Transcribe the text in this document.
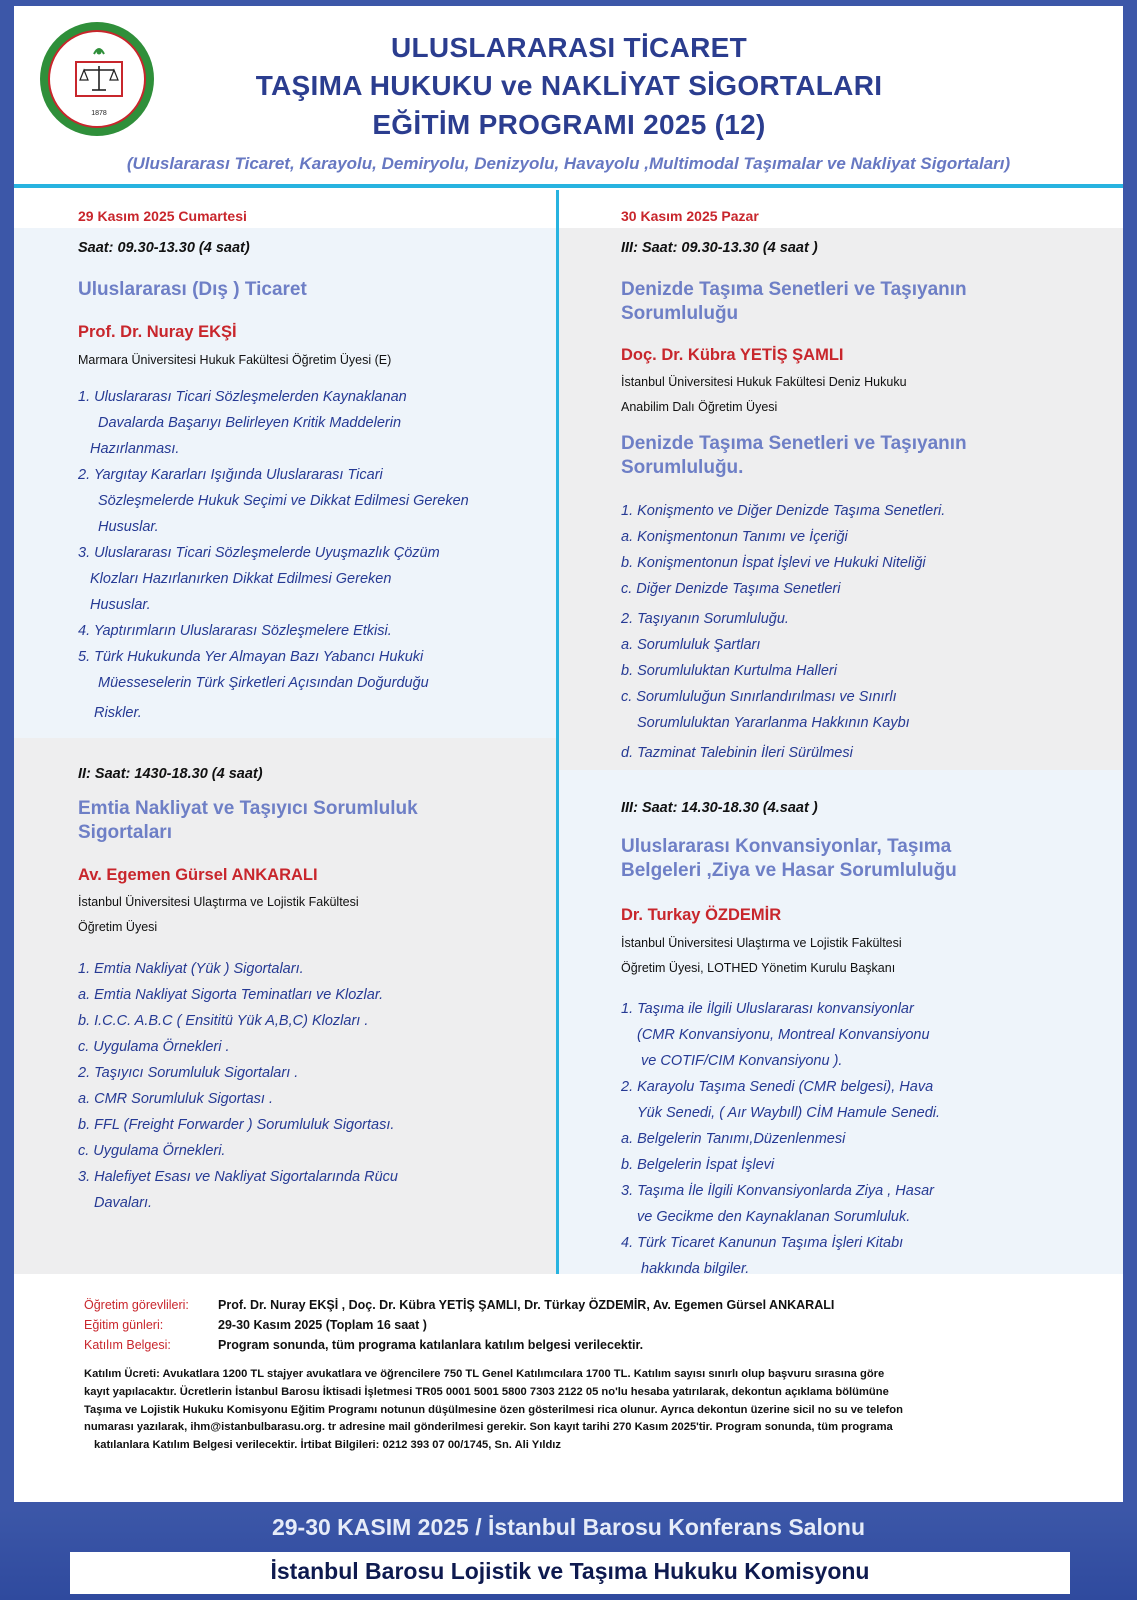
1878
ULUSLARARASI TİCARET
TAŞIMA HUKUKU ve NAKLİYAT SİGORTALARI
EĞİTİM PROGRAMI 2025 (12)
(Uluslararası Ticaret, Karayolu, Demiryolu, Denizyolu, Havayolu ,Multimodal Taşımalar ve Nakliyat Sigortaları)
29 Kasım 2025 Cumartesi
Saat: 09.30-13.30 (4 saat)
Uluslararası (Dış ) Ticaret
Prof. Dr. Nuray EKŞİ
Marmara Üniversitesi Hukuk Fakültesi Öğretim Üyesi (E)
1. Uluslararası Ticari Sözleşmelerden Kaynaklanan
Davalarda Başarıyı Belirleyen Kritik Maddelerin
Hazırlanması.
2. Yargıtay Kararları Işığında Uluslararası Ticari
Sözleşmelerde Hukuk Seçimi ve Dikkat Edilmesi Gereken
Hususlar.
3. Uluslararası Ticari Sözleşmelerde Uyuşmazlık Çözüm
Klozları Hazırlanırken Dikkat Edilmesi Gereken
Hususlar.
4. Yaptırımların Uluslararası Sözleşmelere Etkisi.
5. Türk Hukukunda Yer Almayan Bazı Yabancı Hukuki
Müesseselerin Türk Şirketleri Açısından Doğurduğu
Riskler.
II: Saat: 1430-18.30 (4 saat)
Emtia Nakliyat ve Taşıyıcı Sorumluluk
Sigortaları
Av. Egemen Gürsel ANKARALI
İstanbul Üniversitesi Ulaştırma ve Lojistik Fakültesi
Öğretim Üyesi
1. Emtia Nakliyat (Yük ) Sigortaları.
a. Emtia Nakliyat Sigorta Teminatları ve Klozlar.
b. I.C.C. A.B.C ( Ensititü Yük A,B,C) Klozları .
c. Uygulama Örnekleri .
2. Taşıyıcı Sorumluluk Sigortaları .
a. CMR Sorumluluk Sigortası .
b. FFL (Freight Forwarder ) Sorumluluk Sigortası.
c. Uygulama Örnekleri.
3. Halefiyet Esası ve Nakliyat Sigortalarında Rücu
Davaları.
30 Kasım 2025 Pazar
III: Saat: 09.30-13.30 (4 saat )
Denizde Taşıma Senetleri ve Taşıyanın
Sorumluluğu
Doç. Dr. Kübra YETİŞ ŞAMLI
İstanbul Üniversitesi Hukuk Fakültesi Deniz Hukuku
Anabilim Dalı Öğretim Üyesi
Denizde Taşıma Senetleri ve Taşıyanın
Sorumluluğu.
1. Konişmento ve Diğer Denizde Taşıma Senetleri.
a. Konişmentonun Tanımı ve İçeriği
b. Konişmentonun İspat İşlevi ve Hukuki Niteliği
c. Diğer Denizde Taşıma Senetleri
2. Taşıyanın Sorumluluğu.
a. Sorumluluk Şartları
b. Sorumluluktan Kurtulma Halleri
c. Sorumluluğun Sınırlandırılması ve Sınırlı
Sorumluluktan Yararlanma Hakkının Kaybı
d. Tazminat Talebinin İleri Sürülmesi
III: Saat: 14.30-18.30 (4.saat )
Uluslararası Konvansiyonlar, Taşıma
Belgeleri ,Ziya ve Hasar Sorumluluğu
Dr. Turkay ÖZDEMİR
İstanbul Üniversitesi Ulaştırma ve Lojistik Fakültesi
Öğretim Üyesi, LOTHED Yönetim Kurulu Başkanı
1. Taşıma ile İlgili Uluslararası konvansiyonlar
(CMR Konvansiyonu, Montreal Konvansiyonu
ve COTIF/CIM Konvansiyonu ).
2. Karayolu Taşıma Senedi (CMR belgesi), Hava
Yük Senedi, ( Aır Waybıll) CİM Hamule Senedi.
a. Belgelerin Tanımı,Düzenlenmesi
b. Belgelerin İspat İşlevi
3. Taşıma İle İlgili Konvansiyonlarda Ziya , Hasar
ve Gecikme den Kaynaklanan Sorumluluk.
4. Türk Ticaret Kanunun Taşıma İşleri Kitabı
hakkında bilgiler.
Öğretim görevlileri: Prof. Dr. Nuray EKŞİ , Doç. Dr. Kübra YETİŞ ŞAMLI, Dr. Türkay ÖZDEMİR, Av. Egemen Gürsel ANKARALI
Eğitim günleri:	29-30 Kasım 2025 (Toplam 16 saat )
Katılım Belgesi:	Program sonunda, tüm programa katılanlara katılım belgesi verilecektir.
Katılım Ücreti: Avukatlara 1200 TL stajyer avukatlara ve öğrencilere 750 TL Genel Katılımcılara 1700 TL. Katılım sayısı sınırlı olup başvuru sırasına göre
kayıt yapılacaktır. Ücretlerin İstanbul Barosu İktisadi İşletmesi TR05 0001 5001 5800 7303 2122 05 no'lu hesaba yatırılarak, dekontun açıklama bölümüne
Taşıma ve Lojistik Hukuku Komisyonu Eğitim Programı notunun düşülmesine özen gösterilmesi rica olunur. Ayrıca dekontun üzerine sicil no su ve telefon
numarası yazılarak, ihm@istanbulbarasu.org. tr adresine mail gönderilmesi gerekir. Son kayıt tarihi 270 Kasım 2025'tir. Program sonunda, tüm programa
katılanlara Katılım Belgesi verilecektir. İrtibat Bilgileri: 0212 393 07 00/1745, Sn. Ali Yıldız
29-30 KASIM 2025 / İstanbul Barosu Konferans Salonu
İstanbul Barosu Lojistik ve Taşıma Hukuku Komisyonu
